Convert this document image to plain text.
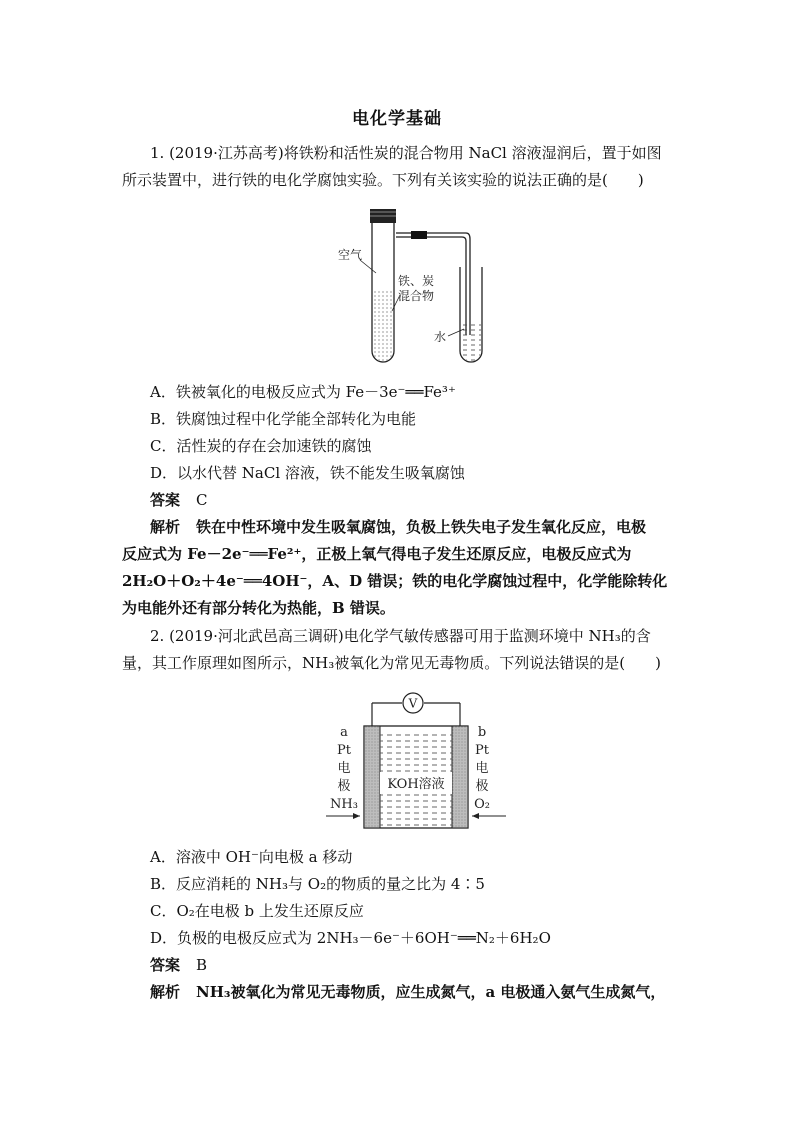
电化学基础
1. (2019·江苏高考)将铁粉和活性炭的混合物用 NaCl 溶液湿润后，置于如图
所示装置中，进行铁的电化学腐蚀实验。下列有关该实验的说法正确的是(　　)
空气
铁、炭
混合物
水
A．铁被氧化的电极反应式为 Fe－3e⁻══Fe³⁺
B．铁腐蚀过程中化学能全部转化为电能
C．活性炭的存在会加速铁的腐蚀
D．以水代替 NaCl 溶液，铁不能发生吸氧腐蚀
答案 C
解析 铁在中性环境中发生吸氧腐蚀，负极上铁失电子发生氧化反应，电极
反应式为 Fe－2e⁻══Fe²⁺，正极上氧气得电子发生还原反应，电极反应式为
2H₂O＋O₂＋4e⁻══4OH⁻，A、D 错误；铁的电化学腐蚀过程中，化学能除转化
为电能外还有部分转化为热能，B 错误。
2. (2019·河北武邑高三调研)电化学气敏传感器可用于监测环境中 NH₃的含
量，其工作原理如图所示，NH₃被氧化为常见无毒物质。下列说法错误的是(　　)
V
KOH溶液
a
Pt
电
极
NH₃
b
Pt
电
极
O₂
A．溶液中 OH⁻向电极 a 移动
B．反应消耗的 NH₃与 O₂的物质的量之比为 4∶5
C．O₂在电极 b 上发生还原反应
D．负极的电极反应式为 2NH₃－6e⁻＋6OH⁻══N₂＋6H₂O
答案 B
解析 NH₃被氧化为常见无毒物质，应生成氮气，a 电极通入氨气生成氮气，
